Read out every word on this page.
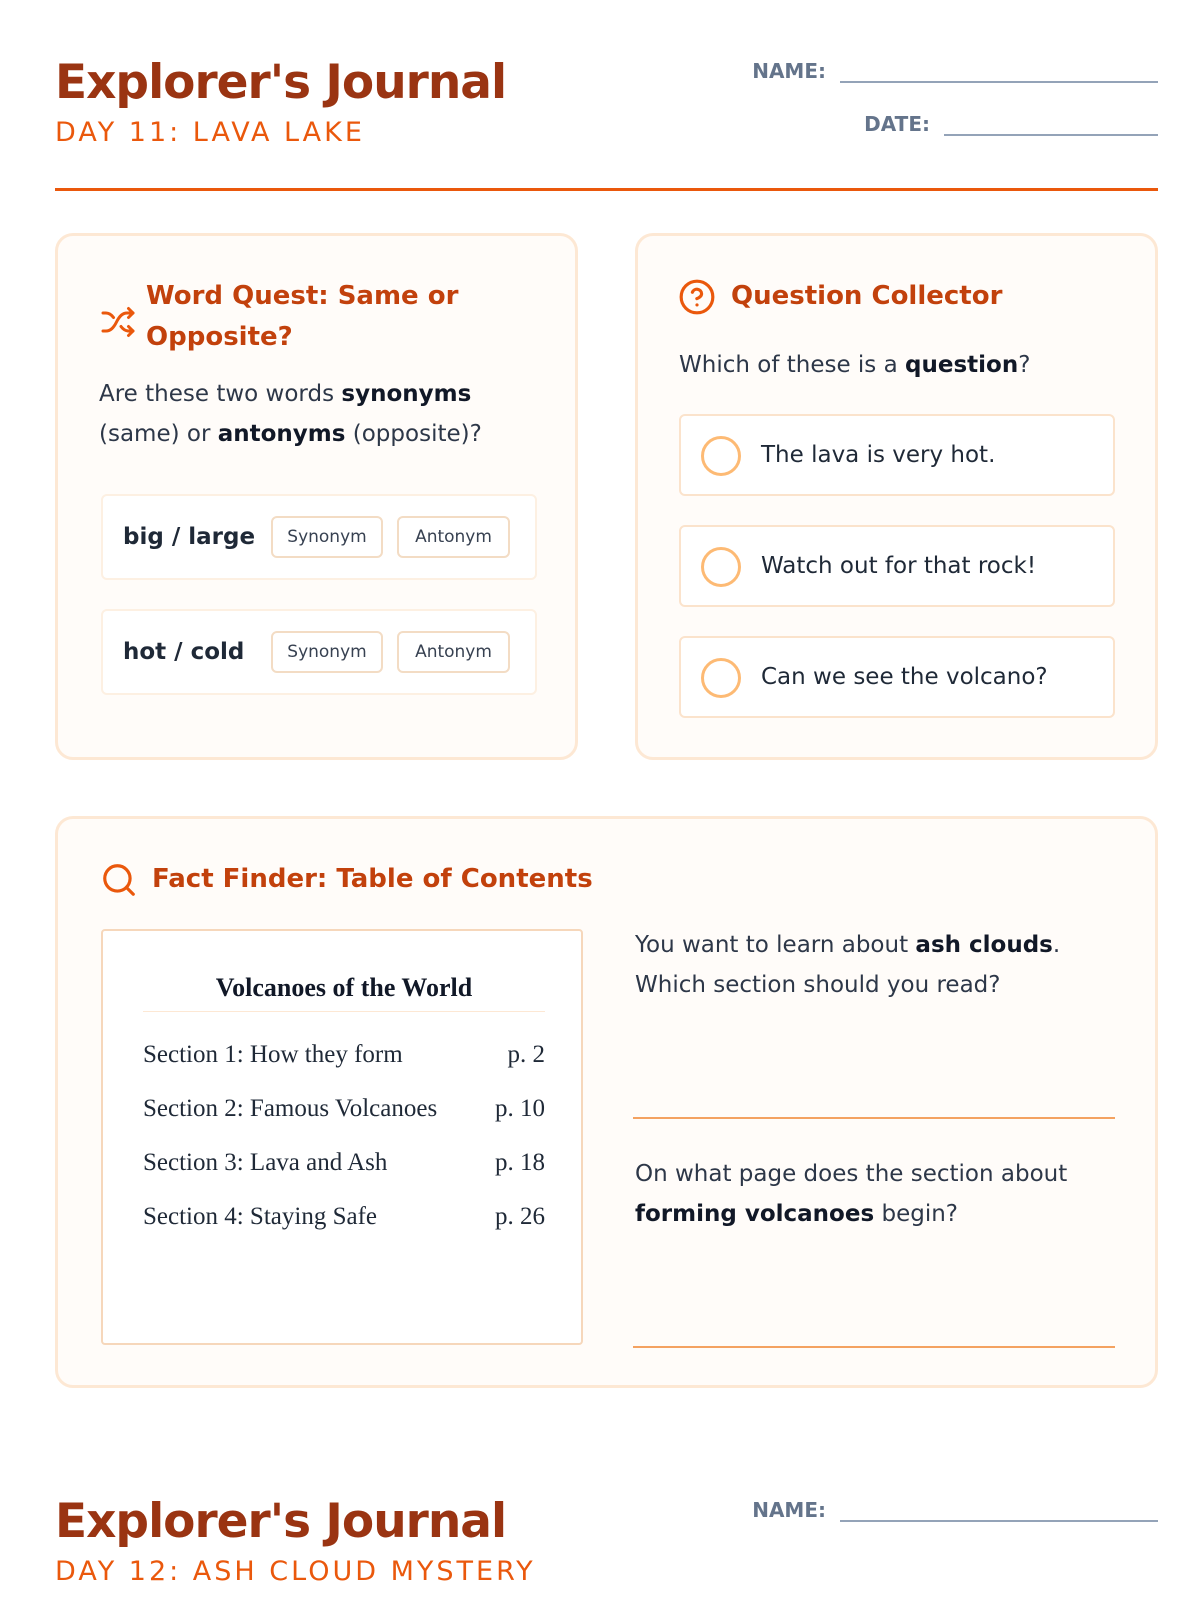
Explorer's Journal
DAY 11: LAVA LAKE
NAME:
DATE:
Word Quest: Same or
Opposite?
Are these two words synonyms
(same) or antonyms (opposite)?
big / large	Synonym	Antonym
hot / cold	Synonym	Antonym
Question Collector
Which of these is a question?
The lava is very hot.
Watch out for that rock!
Can we see the volcano?
Fact Finder: Table of Contents
Volcanoes of the World
Section 1: How they form	p. 2
Section 2: Famous Volcanoes p. 10
Section 3: Lava and Ash	p. 18
Section 4: Staying Safe	p. 26
You want to learn about ash clouds.
Which section should you read?
On what page does the section about
forming volcanoes begin?
Explorer's Journal
DAY 12: ASH CLOUD MYSTERY
NAME:
